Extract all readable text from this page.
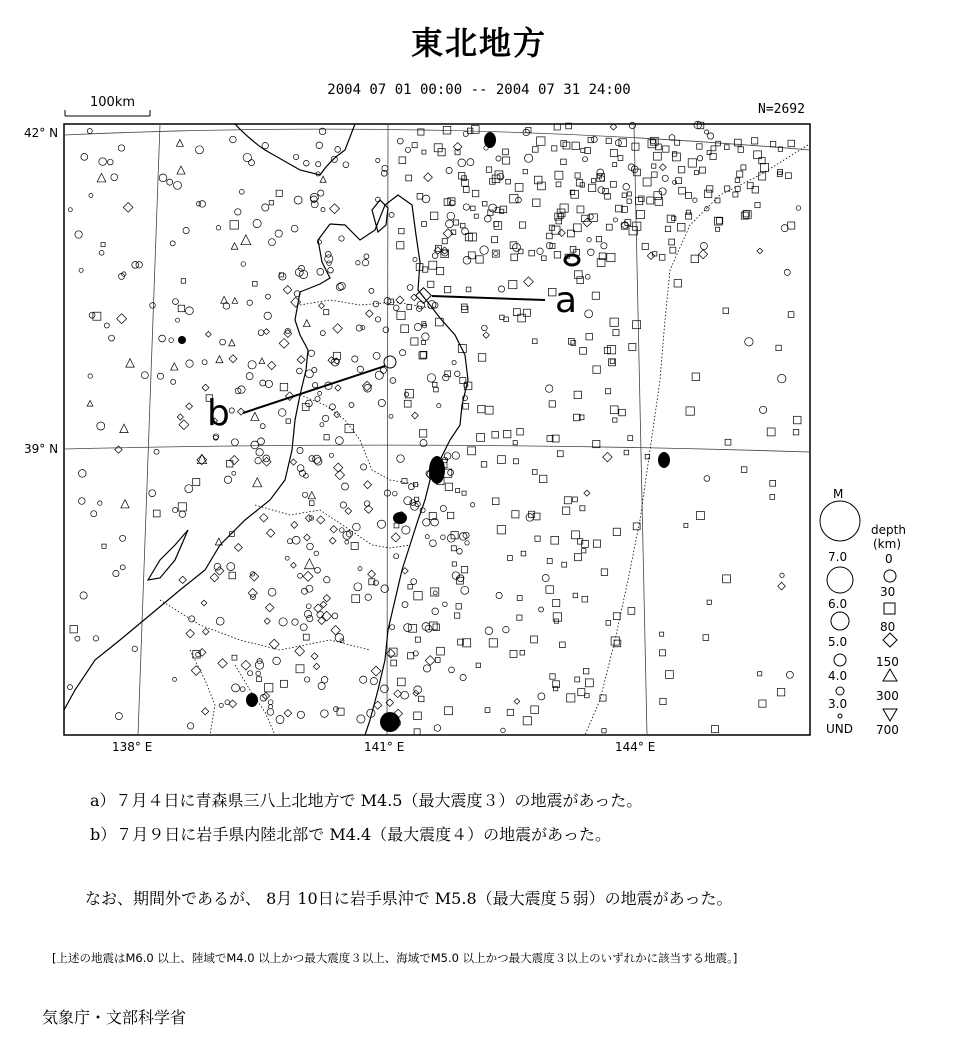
東北地方
2004 07 01 00:00 -- 2004 07 31 24:00
N=2692
100km
42° N
39° N
138° E	141° E	144° E
a
b
M
7.0
6.0
5.0
4.0
3.0
UND
depth
(km)
0
30
80
150
300
700
a）７月４日に青森県三八上北地方で M4.5（最大震度３）の地震があった。
b）７月９日に岩手県内陸北部で M4.4（最大震度４）の地震があった。
なお、期間外であるが、 8月 10日に岩手県沖で M5.8（最大震度５弱）の地震があった。
[上述の地震はM6.0 以上、陸域でM4.0 以上かつ最大震度３以上、海域でM5.0 以上かつ最大震度３以上のいずれかに該当する地震。]
気象庁・文部科学省
